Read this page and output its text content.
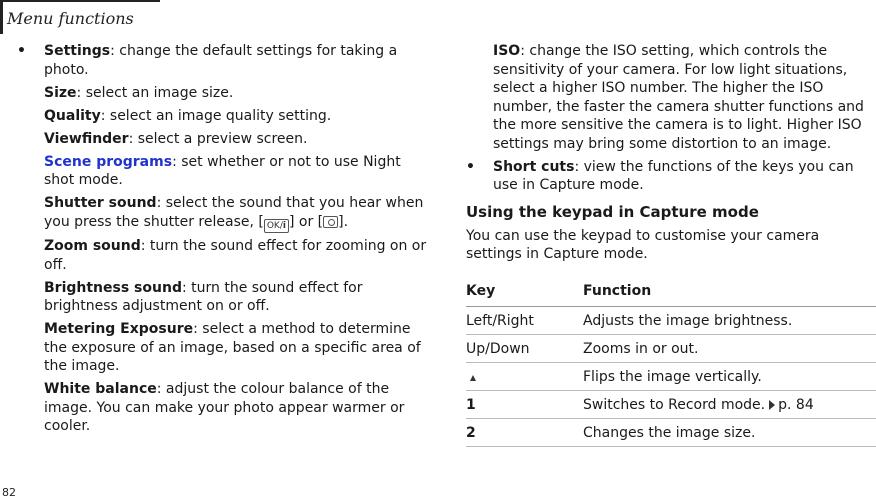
Menu functions

• Settings: change the default settings for taking a photo.

Size: select an image size.

Quality: select an image quality setting.

Viewfinder: select a preview screen.

Scene programs: set whether or not to use Night shot mode.

Shutter sound: select the sound that you hear when you press the shutter release, [ OK/i ] or [ ].

Zoom sound: turn the sound effect for zooming on or off.

Brightness sound: turn the sound effect for brightness adjustment on or off.

Metering Exposure: select a method to determine the exposure of an image, based on a specific area of the image.

White balance: adjust the colour balance of the image. You can make your photo appear warmer or cooler.

ISO: change the ISO setting, which controls the sensitivity of your camera. For low light situations, select a higher ISO number. The higher the ISO number, the faster the camera shutter functions and the more sensitive the camera is to light. Higher ISO settings may bring some distortion to an image.

• Short cuts: view the functions of the keys you can use in Capture mode.

Using the keypad in Capture mode

You can use the keypad to customise your camera settings in Capture mode.

Key	Function
Left/Right	Adjusts the image brightness.
Up/Down	Zooms in or out.
	Flips the image vertically.
1	Switches to Record mode. p. 84
2	Changes the image size.
82
